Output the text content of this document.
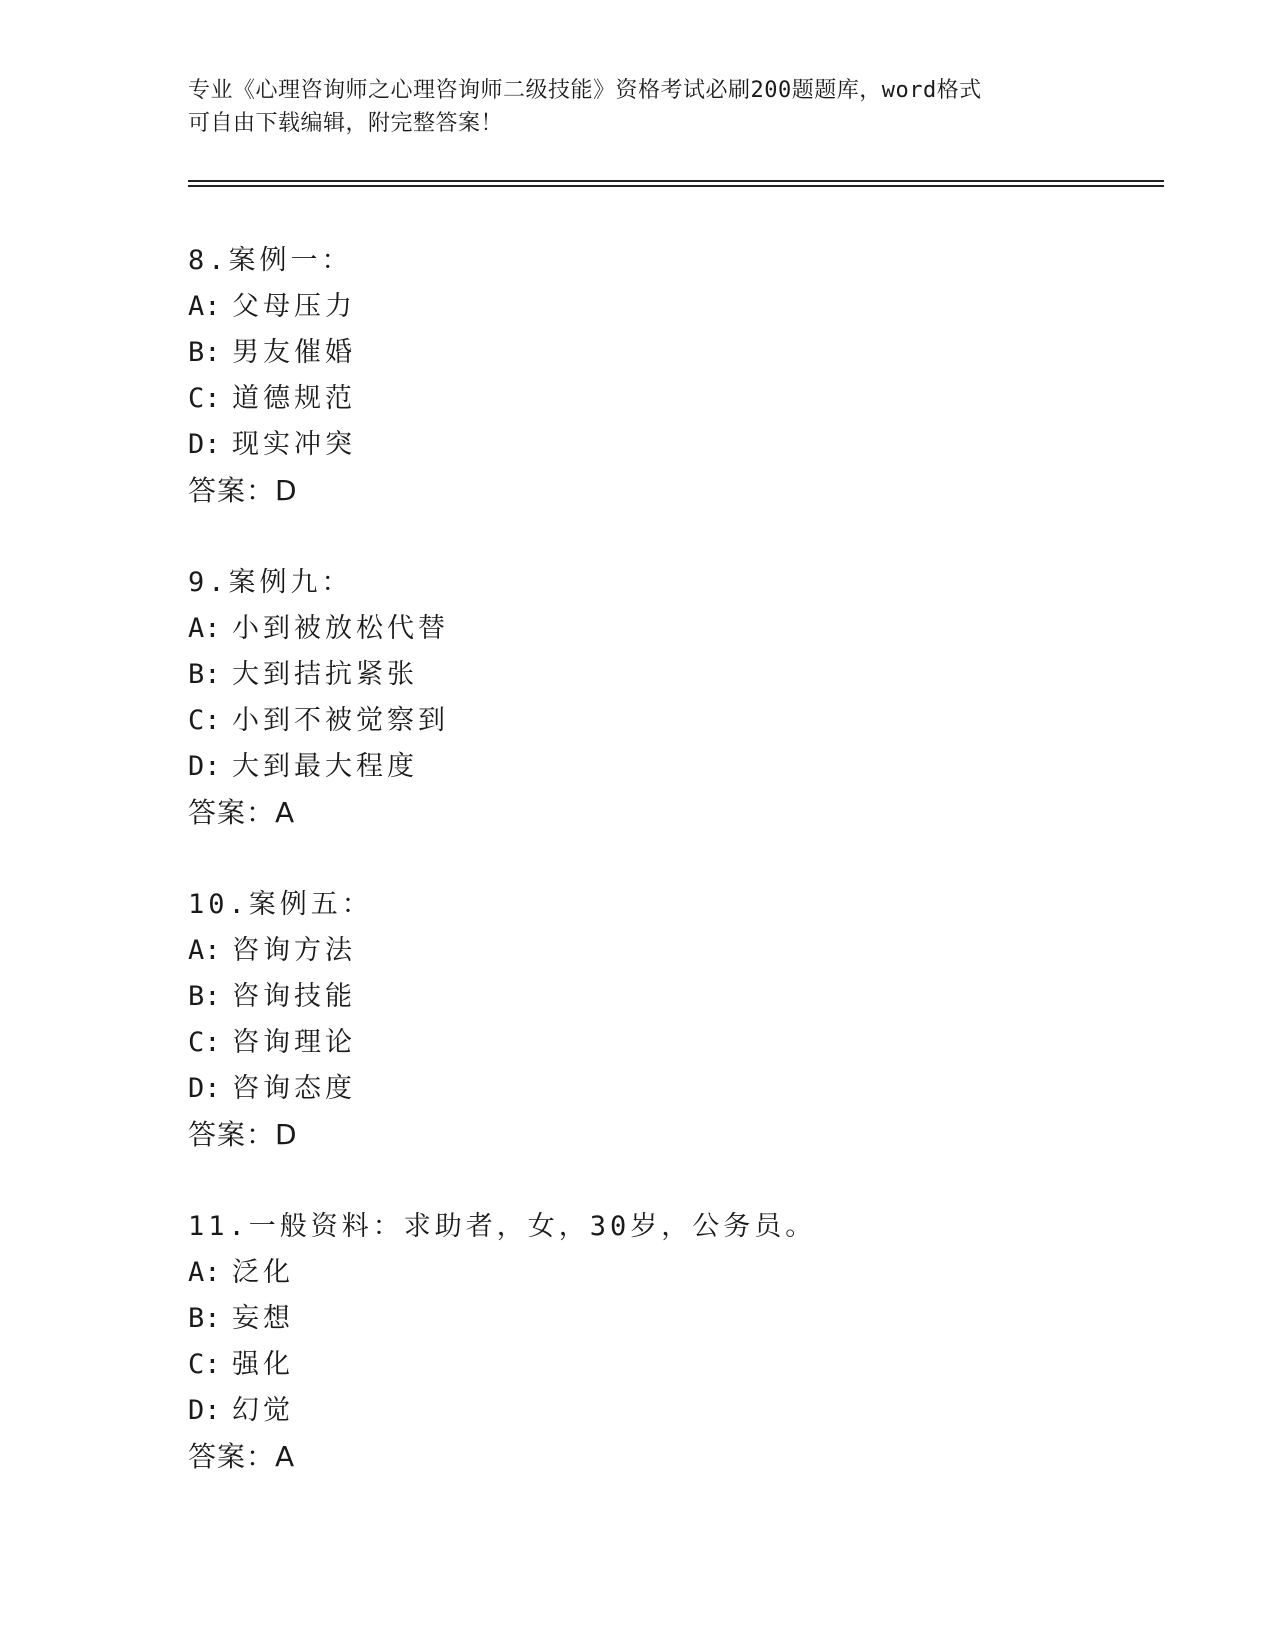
专业《心理咨询师之心理咨询师二级技能》资格考试必刷200题题库，word格式
可自由下载编辑，附完整答案！
8.案例一：
A: 父母压力
B: 男友催婚
C: 道德规范
D: 现实冲突
答案：D
9.案例九：
A: 小到被放松代替
B: 大到拮抗紧张
C: 小到不被觉察到
D: 大到最大程度
答案：A
10.案例五：
A: 咨询方法
B: 咨询技能
C: 咨询理论
D: 咨询态度
答案：D
11.一般资料：求助者，女，30岁，公务员。
A: 泛化
B: 妄想
C: 强化
D: 幻觉
答案：A
